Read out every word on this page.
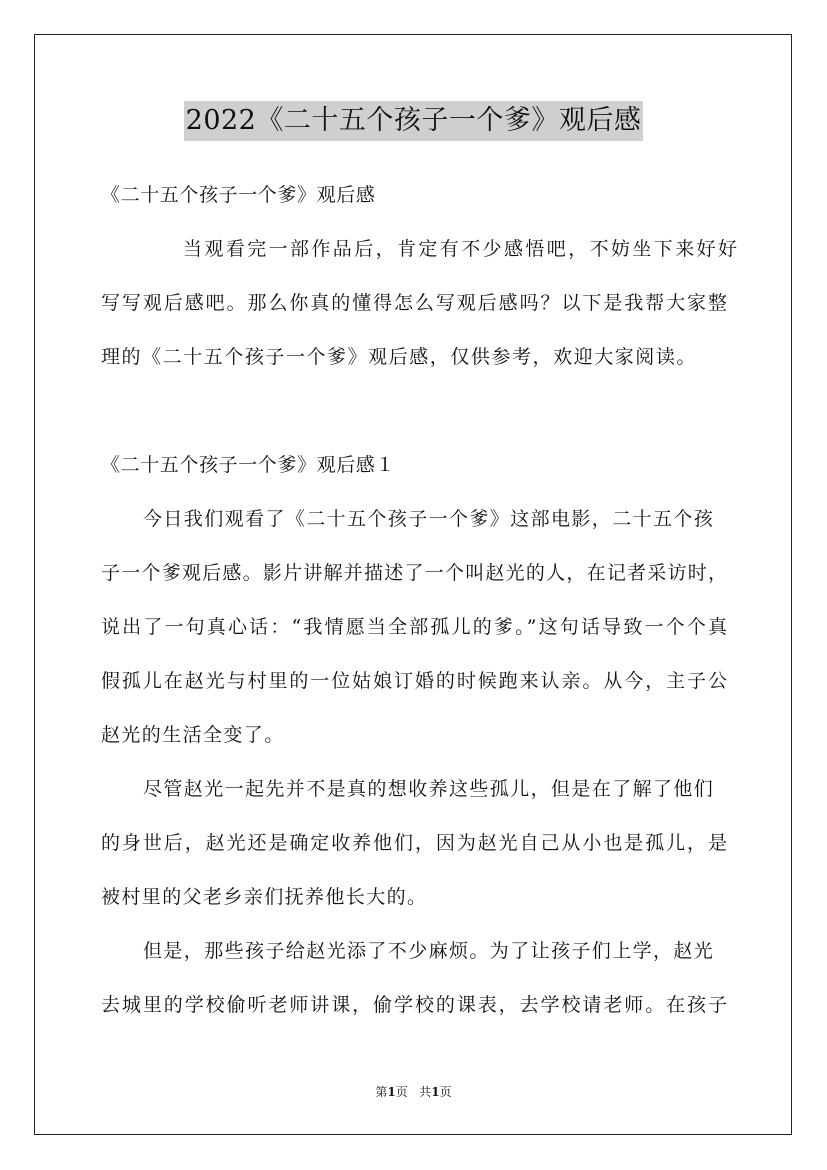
2022《二十五个孩子一个爹》观后感
《二十五个孩子一个爹》观后感
当观看完一部作品后，肯定有不少感悟吧，不妨坐下来好好
写写观后感吧。那么你真的懂得怎么写观后感吗？以下是我帮大家整
理的《二十五个孩子一个爹》观后感，仅供参考，欢迎大家阅读。
《二十五个孩子一个爹》观后感１
今日我们观看了《二十五个孩子一个爹》这部电影，二十五个孩
子一个爹观后感。影片讲解并描述了一个叫赵光的人，在记者采访时，
说出了一句真心话：“我情愿当全部孤儿的爹。”这句话导致一个个真
假孤儿在赵光与村里的一位姑娘订婚的时候跑来认亲。从今，主子公
赵光的生活全变了。
尽管赵光一起先并不是真的想收养这些孤儿，但是在了解了他们
的身世后，赵光还是确定收养他们，因为赵光自己从小也是孤儿，是
被村里的父老乡亲们抚养他长大的。
但是，那些孩子给赵光添了不少麻烦。为了让孩子们上学，赵光
去城里的学校偷听老师讲课，偷学校的课表，去学校请老师。在孩子
第1页 共1页
